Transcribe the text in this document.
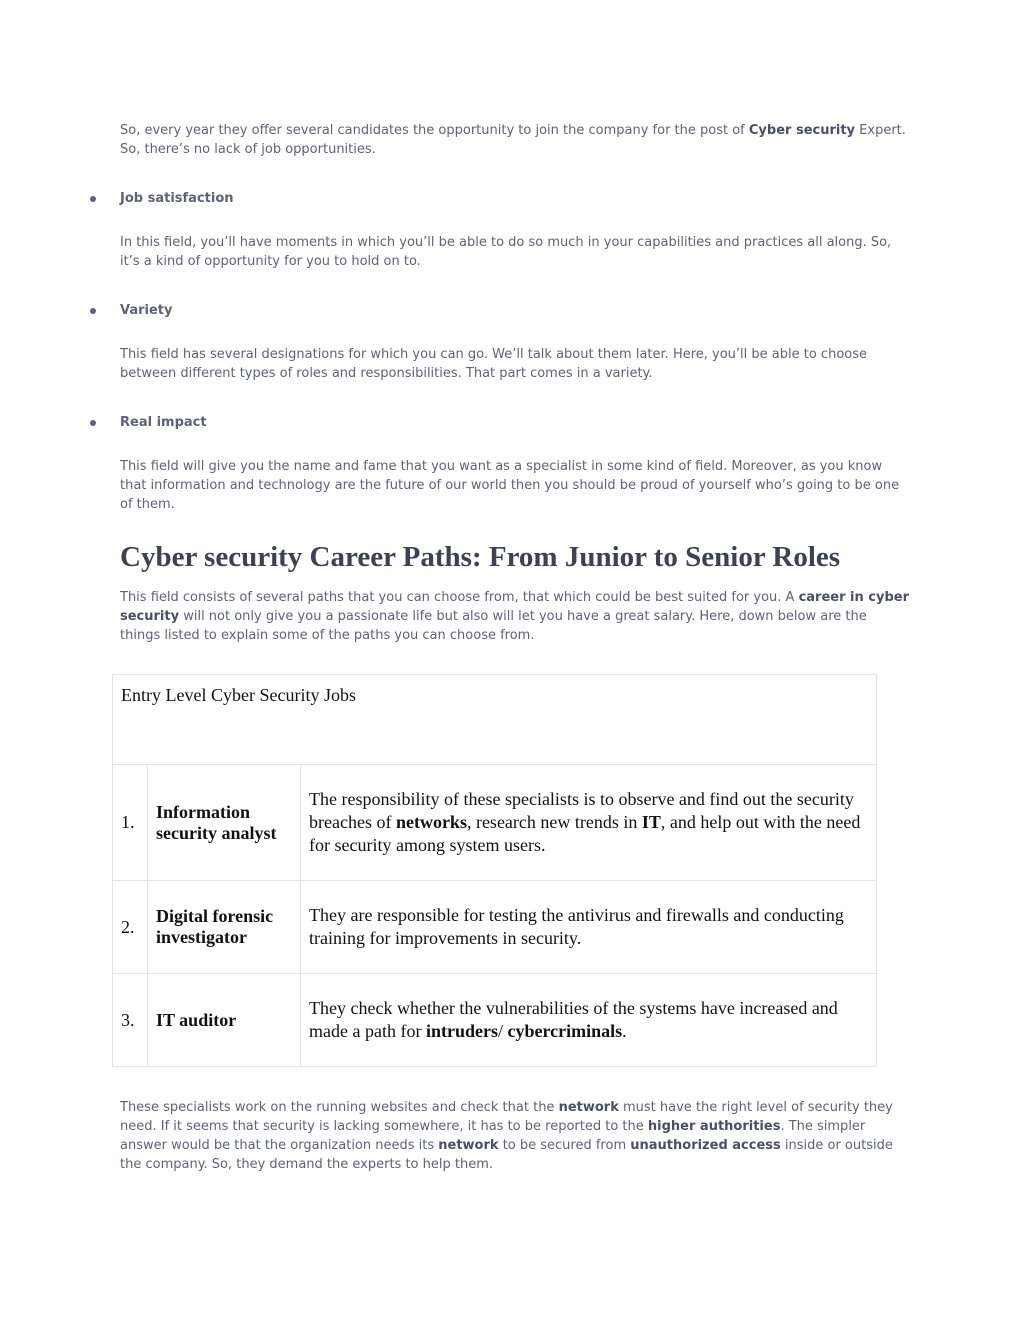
So, every year they offer several candidates the opportunity to join the company for the post of Cyber security Expert. So, there’s no lack of job opportunities.

Job satisfaction

In this field, you’ll have moments in which you’ll be able to do so much in your capabilities and practices all along. So, it’s a kind of opportunity for you to hold on to.

Variety

This field has several designations for which you can go. We’ll talk about them later. Here, you’ll be able to choose between different types of roles and responsibilities. That part comes in a variety.

Real impact

This field will give you the name and fame that you want as a specialist in some kind of field. Moreover, as you know that information and technology are the future of our world then you should be proud of yourself who’s going to be one of them.

Cyber security Career Paths: From Junior to Senior Roles

This field consists of several paths that you can choose from, that which could be best suited for you. A career in cyber security will not only give you a passionate life but also will let you have a great salary. Here, down below are the things listed to explain some of the paths you can choose from.

Entry Level Cyber Security Jobs		
1.	Information security analyst	The responsibility of these specialists is to observe and find out the security breaches of networks, research new trends in IT, and help out with the need for security among system users.
2.	Digital forensic investigator	They are responsible for testing the antivirus and firewalls and conducting training for improvements in security.
3.	IT auditor	They check whether the vulnerabilities of the systems have increased and made a path for intruders/ cybercriminals.

These specialists work on the running websites and check that the network must have the right level of security they need. If it seems that security is lacking somewhere, it has to be reported to the higher authorities. The simpler answer would be that the organization needs its network to be secured from unauthorized access inside or outside the company. So, they demand the experts to help them.
